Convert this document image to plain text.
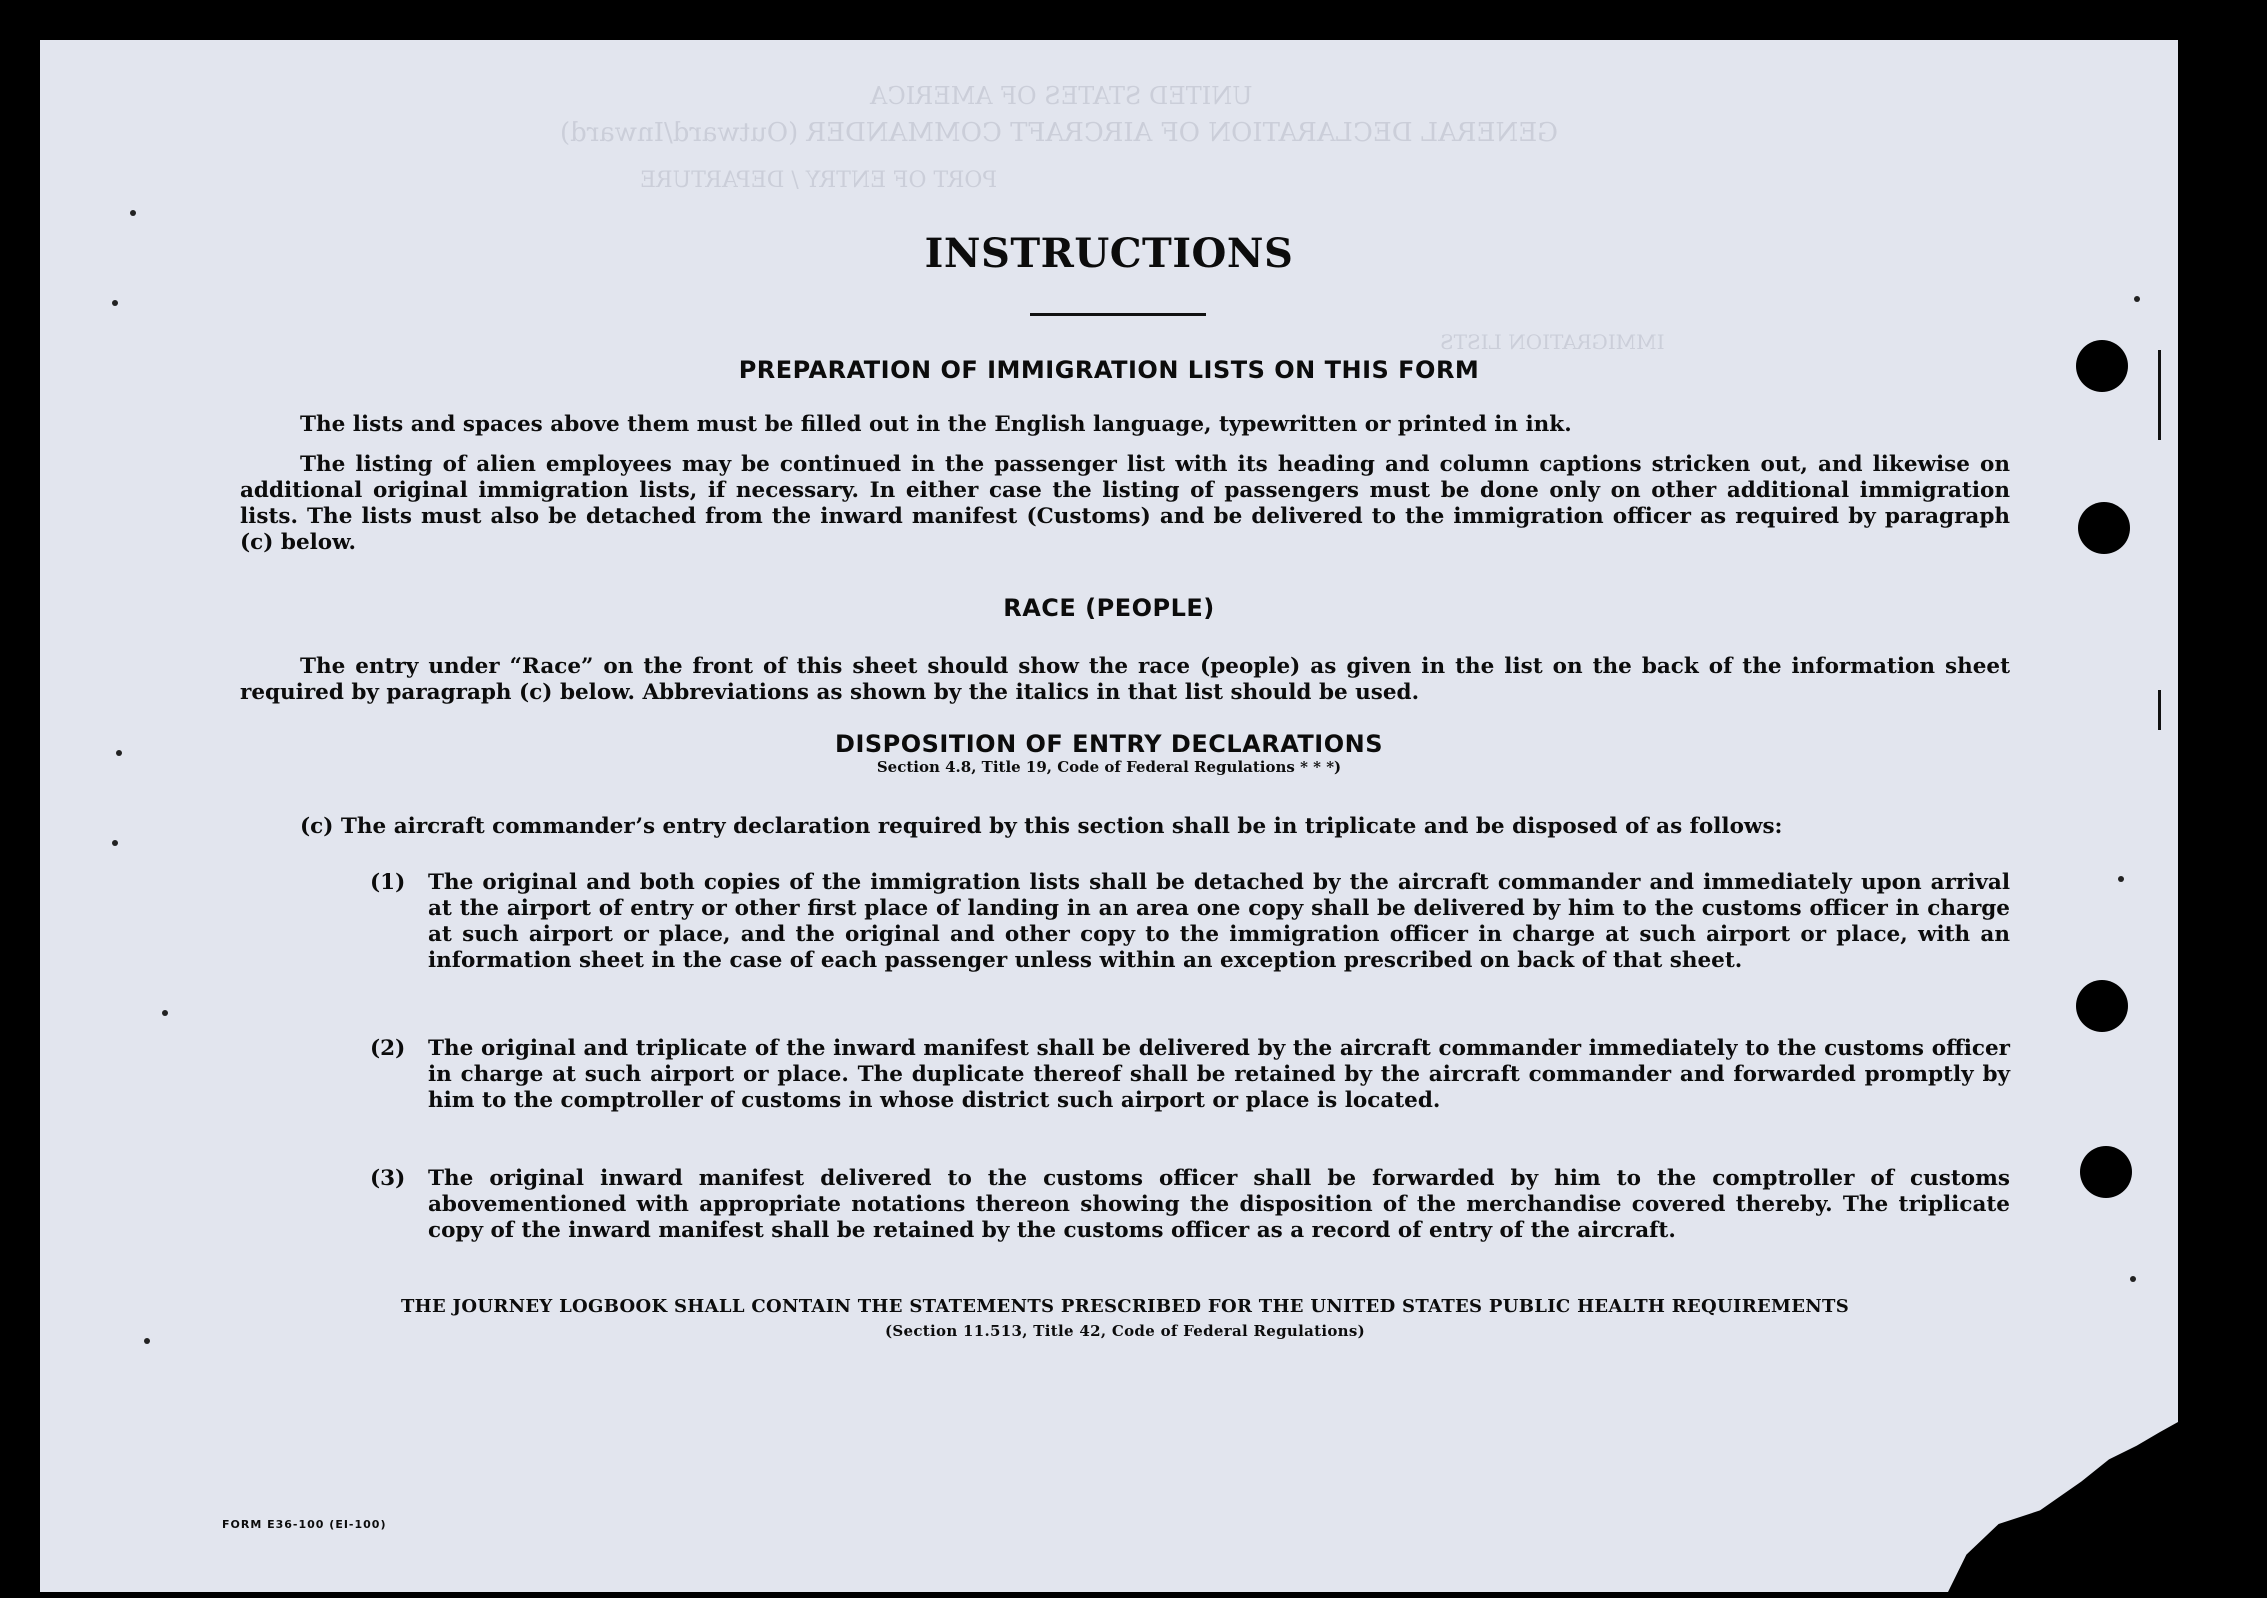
UNITED STATES OF AMERICA
GENERAL DECLARATION OF AIRCRAFT COMMANDER (Outward/Inward)
PORT OF ENTRY / DEPARTURE
IMMIGRATION LISTS
INSTRUCTIONS
PREPARATION OF IMMIGRATION LISTS ON THIS FORM

The lists and spaces above them must be filled out in the English language, typewritten or printed in ink.

The listing of alien employees may be continued in the passenger list with its heading and column captions stricken out, and likewise on additional original immigration lists, if necessary. In either case the listing of passengers must be done only on other additional immigration lists. The lists must also be detached from the inward manifest (Customs) and be delivered to the immigration officer as required by paragraph (c) below.

RACE (PEOPLE)

The entry under “Race” on the front of this sheet should show the race (people) as given in the list on the back of the information sheet required by paragraph (c) below. Abbreviations as shown by the italics in that list should be used.

DISPOSITION OF ENTRY DECLARATIONS
Section 4.8, Title 19, Code of Federal Regulations * * *)

(c) The aircraft commander’s entry declaration required by this section shall be in triplicate and be disposed of as follows:

(1) The original and both copies of the immigration lists shall be detached by the aircraft commander and immediately upon arrival at the airport of entry or other first place of landing in an area one copy shall be delivered by him to the customs officer in charge at such airport or place, and the original and other copy to the immigration officer in charge at such airport or place, with an information sheet in the case of each passenger unless within an exception prescribed on back of that sheet.

(2) The original and triplicate of the inward manifest shall be delivered by the aircraft commander immediately to the customs officer in charge at such airport or place. The duplicate thereof shall be retained by the aircraft commander and forwarded promptly by him to the comptroller of customs in whose district such airport or place is located.

(3) The original inward manifest delivered to the customs officer shall be forwarded by him to the comptroller of customs abovementioned with appropriate notations thereon showing the disposition of the merchandise covered thereby. The triplicate copy of the inward manifest shall be retained by the customs officer as a record of entry of the aircraft.

THE JOURNEY LOGBOOK SHALL CONTAIN THE STATEMENTS PRESCRIBED FOR THE UNITED STATES PUBLIC HEALTH REQUIREMENTS
(Section 11.513, Title 42, Code of Federal Regulations)
FORM E36-100 (EI-100)
